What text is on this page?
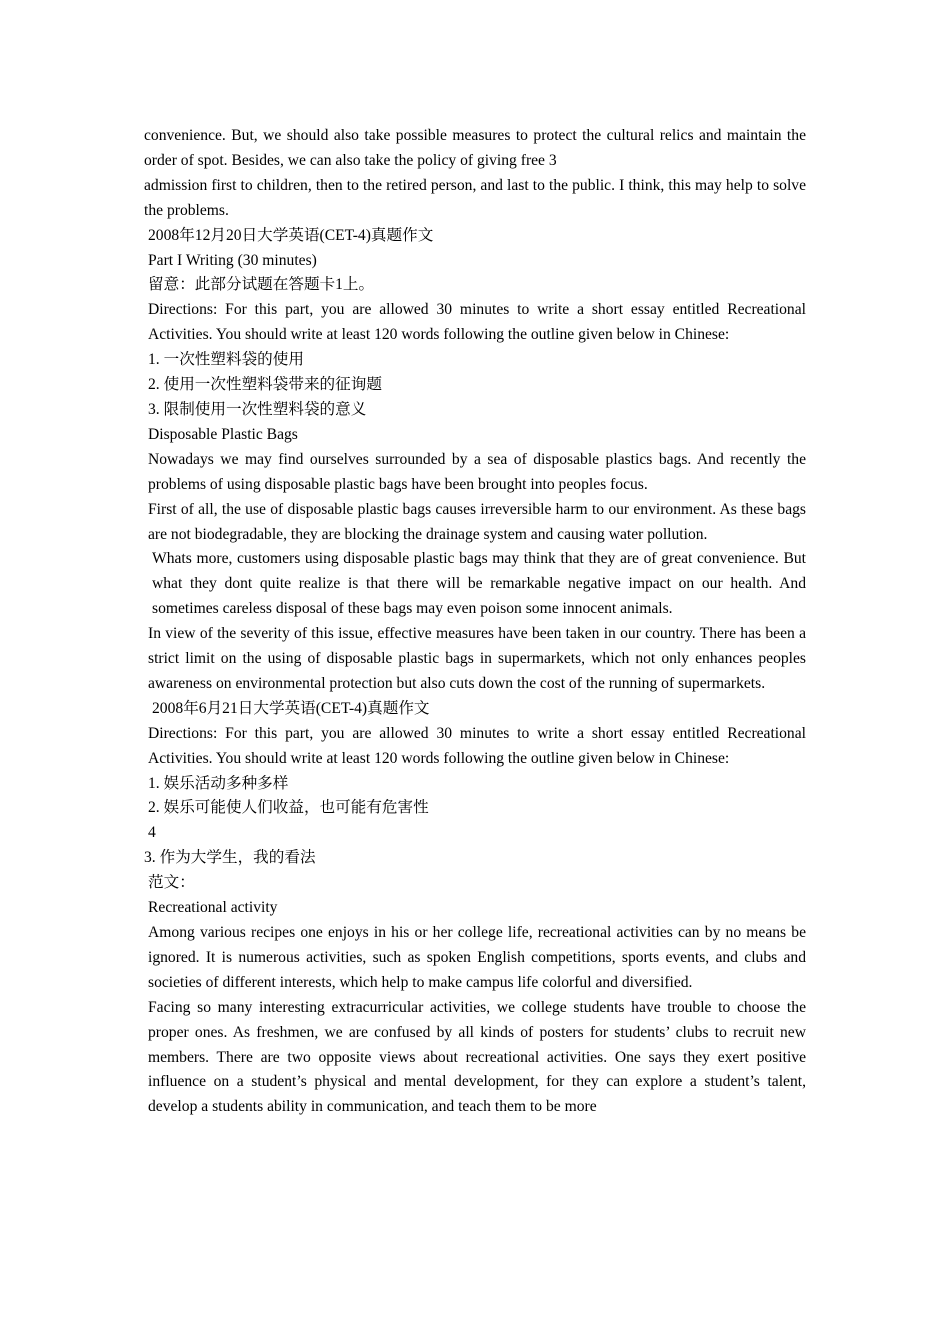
convenience. But, we should also take possible measures to protect the cultural relics and maintain the order of spot. Besides, we can also take the policy of giving free 3

admission first to children, then to the retired person, and last to the public. I think, this may help to solve the problems.

2008年12月20日大学英语(CET-4)真题作文

Part I Writing (30 minutes)

留意：此部分试题在答题卡1上。

Directions: For this part, you are allowed 30 minutes to write a short essay entitled Recreational Activities. You should write at least 120 words following the outline given below in Chinese:

1. 一次性塑料袋的使用

2. 使用一次性塑料袋带来的征询题

3. 限制使用一次性塑料袋的意义

Disposable Plastic Bags

Nowadays we may find ourselves surrounded by a sea of disposable plastics bags. And recently the problems of using disposable plastic bags have been brought into peoples focus.

First of all, the use of disposable plastic bags causes irreversible harm to our environment. As these bags are not biodegradable, they are blocking the drainage system and causing water pollution.

Whats more, customers using disposable plastic bags may think that they are of great convenience. But what they dont quite realize is that there will be remarkable negative impact on our health. And sometimes careless disposal of these bags may even poison some innocent animals.

In view of the severity of this issue, effective measures have been taken in our country. There has been a strict limit on the using of disposable plastic bags in supermarkets, which not only enhances peoples awareness on environmental protection but also cuts down the cost of the running of supermarkets.

2008年6月21日大学英语(CET-4)真题作文

Directions: For this part, you are allowed 30 minutes to write a short essay entitled Recreational Activities. You should write at least 120 words following the outline given below in Chinese:

1. 娱乐活动多种多样

2. 娱乐可能使人们收益，也可能有危害性

4

3. 作为大学生，我的看法

范文：

Recreational activity

Among various recipes one enjoys in his or her college life, recreational activities can by no means be ignored. It is numerous activities, such as spoken English competitions, sports events, and clubs and societies of different interests, which help to make campus life colorful and diversified.

Facing so many interesting extracurricular activities, we college students have trouble to choose the proper ones. As freshmen, we are confused by all kinds of posters for students’ clubs to recruit new members. There are two opposite views about recreational activities. One says they exert positive influence on a student’s physical and mental development, for they can explore a student’s talent, develop a students ability in communication, and teach them to be more
